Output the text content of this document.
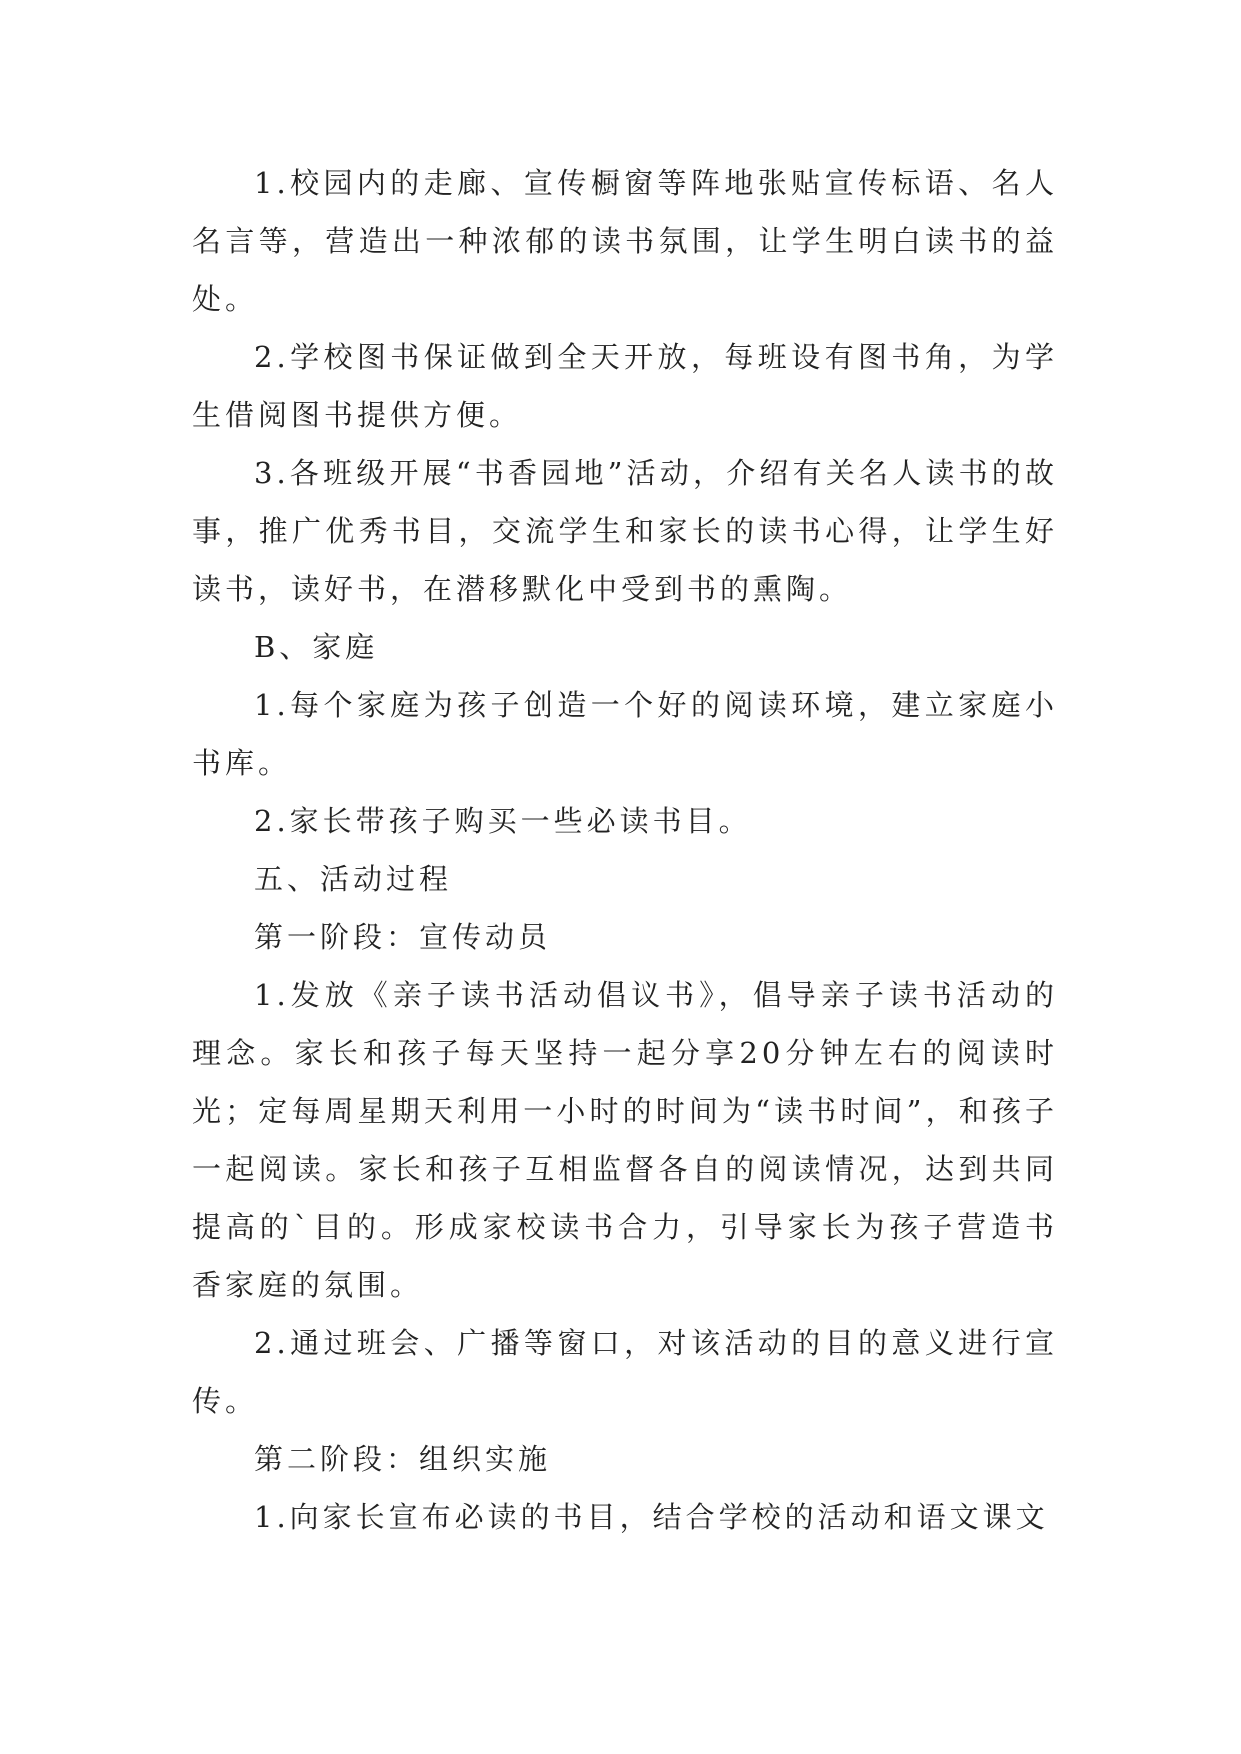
1.校园内的走廊、宣传橱窗等阵地张贴宣传标语、名人名言等，营造出一种浓郁的读书氛围，让学生明白读书的益处。

2.学校图书保证做到全天开放，每班设有图书角，为学生借阅图书提供方便。

3.各班级开展“书香园地”活动，介绍有关名人读书的故事，推广优秀书目，交流学生和家长的读书心得，让学生好读书，读好书，在潜移默化中受到书的熏陶。

B、家庭

1.每个家庭为孩子创造一个好的阅读环境，建立家庭小书库。

2.家长带孩子购买一些必读书目。

五、活动过程

第一阶段：宣传动员

1.发放《亲子读书活动倡议书》，倡导亲子读书活动的理念。家长和孩子每天坚持一起分享20分钟左右的阅读时光；定每周星期天利用一小时的时间为“读书时间”，和孩子一起阅读。家长和孩子互相监督各自的阅读情况，达到共同提高的`目的。形成家校读书合力，引导家长为孩子营造书香家庭的氛围。

2.通过班会、广播等窗口，对该活动的目的意义进行宣传。

第二阶段：组织实施

1.向家长宣布必读的书目，结合学校的活动和语文课文
